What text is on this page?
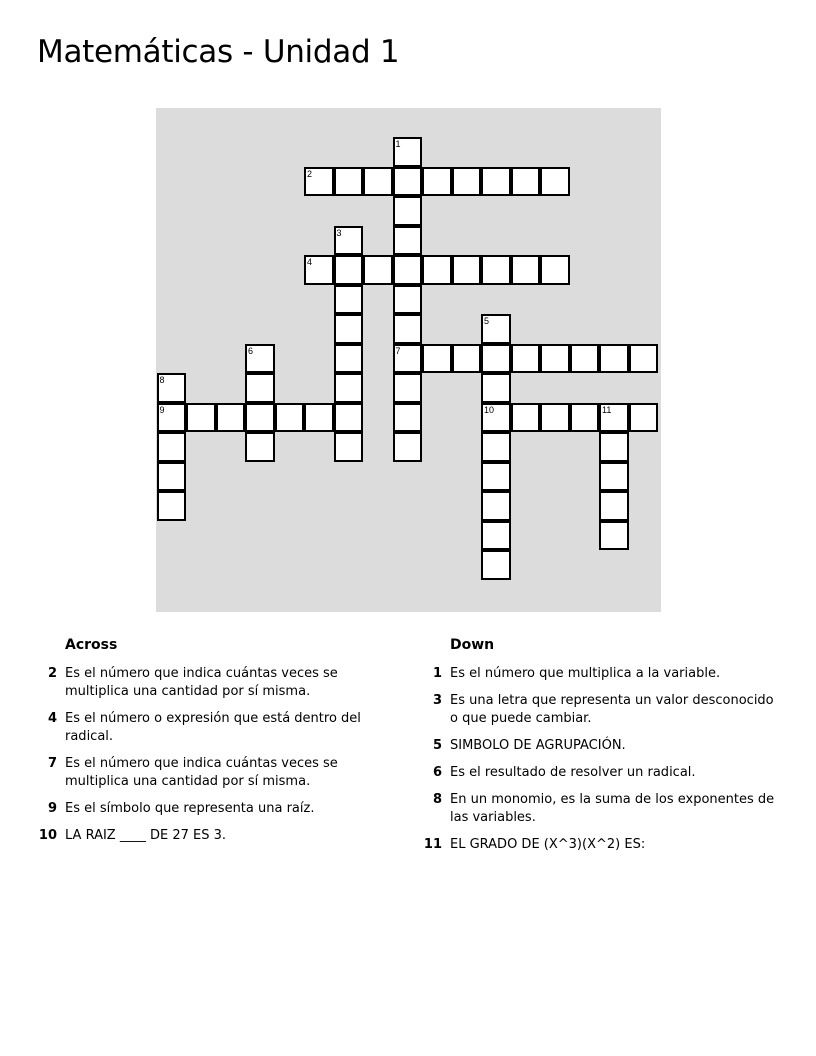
Matemáticas - Unidad 1
1
2
3
4
5
6	7
8
9	10	11
Across
2 Es el número que indica cuántas veces se multiplica una cantidad por sí misma.
4 Es el número o expresión que está dentro del radical.
7 Es el número que indica cuántas veces se multiplica una cantidad por sí misma.
9 Es el símbolo que representa una raíz.
10 LA RAIZ ____ DE 27 ES 3.
Down
1 Es el número que multiplica a la variable.
3 Es una letra que representa un valor desconocido o que puede cambiar.
5 SIMBOLO DE AGRUPACIÓN.
6 Es el resultado de resolver un radical.
8 En un monomio, es la suma de los exponentes de las variables.
11 EL GRADO DE (X^3)(X^2) ES:
